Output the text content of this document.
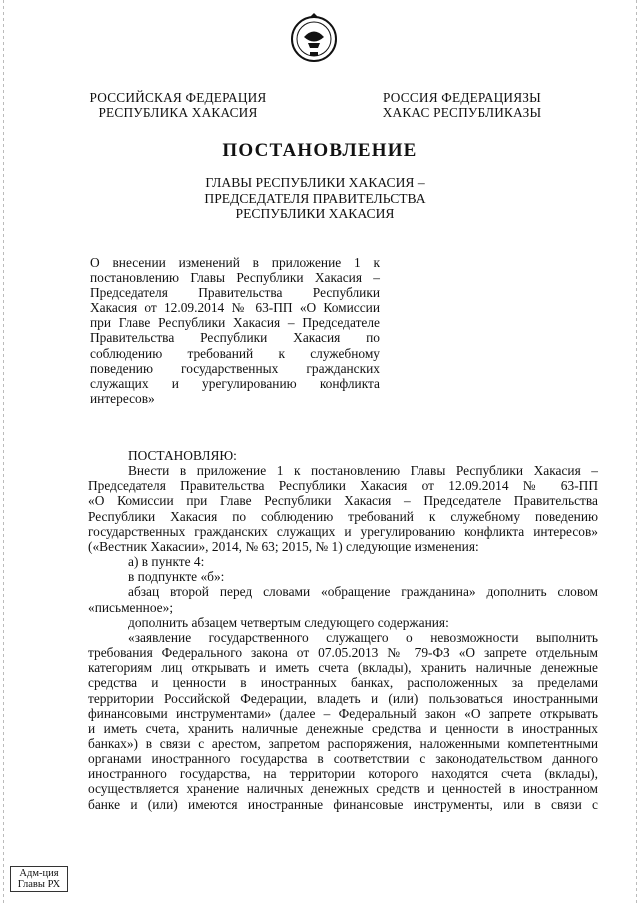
РОССИЙСКАЯ ФЕДЕРАЦИЯ
РЕСПУБЛИКА ХАКАСИЯ
РОССИЯ ФЕДЕРАЦИЯЗЫ
ХАКАС РЕСПУБЛИКАЗЫ
ПОСТАНОВЛЕНИЕ
ГЛАВЫ РЕСПУБЛИКИ ХАКАСИЯ –
ПРЕДСЕДАТЕЛЯ ПРАВИТЕЛЬСТВА
РЕСПУБЛИКИ ХАКАСИЯ
О внесении изменений в приложение 1 к
постановлению Главы Республики Хакасия –
Председателя Правительства Республики
Хакасия от 12.09.2014 № 63-ПП «О Комиссии
при Главе Республики Хакасия – Председателе
Правительства Республики Хакасия по
соблюдению требований к служебному
поведению государственных гражданских
служащих и урегулированию конфликта
интересов»
ПОСТАНОВЛЯЮ:
Внести в приложение 1 к постановлению Главы Республики Хакасия –
Председателя Правительства Республики Хакасия от 12.09.2014 № 63-ПП
«О Комиссии при Главе Республики Хакасия – Председателе Правительства
Республики Хакасия по соблюдению требований к служебному поведению
государственных гражданских служащих и урегулированию конфликта интересов»
(«Вестник Хакасии», 2014, № 63; 2015, № 1) следующие изменения:
а) в пункте 4:
в подпункте «б»:
абзац второй перед словами «обращение гражданина» дополнить словом
«письменное»;
дополнить абзацем четвертым следующего содержания:
«заявление государственного служащего о невозможности выполнить
требования Федерального закона от 07.05.2013 № 79-ФЗ «О запрете отдельным
категориям лиц открывать и иметь счета (вклады), хранить наличные денежные
средства и ценности в иностранных банках, расположенных за пределами
территории Российской Федерации, владеть и (или) пользоваться иностранными
финансовыми инструментами» (далее – Федеральный закон «О запрете открывать
и иметь счета, хранить наличные денежные средства и ценности в иностранных
банках») в связи с арестом, запретом распоряжения, наложенными компетентными
органами иностранного государства в соответствии с законодательством данного
иностранного государства, на территории которого находятся счета (вклады),
осуществляется хранение наличных денежных средств и ценностей в иностранном
банке и (или) имеются иностранные финансовые инструменты, или в связи с
Адм-ция
Главы РХ
